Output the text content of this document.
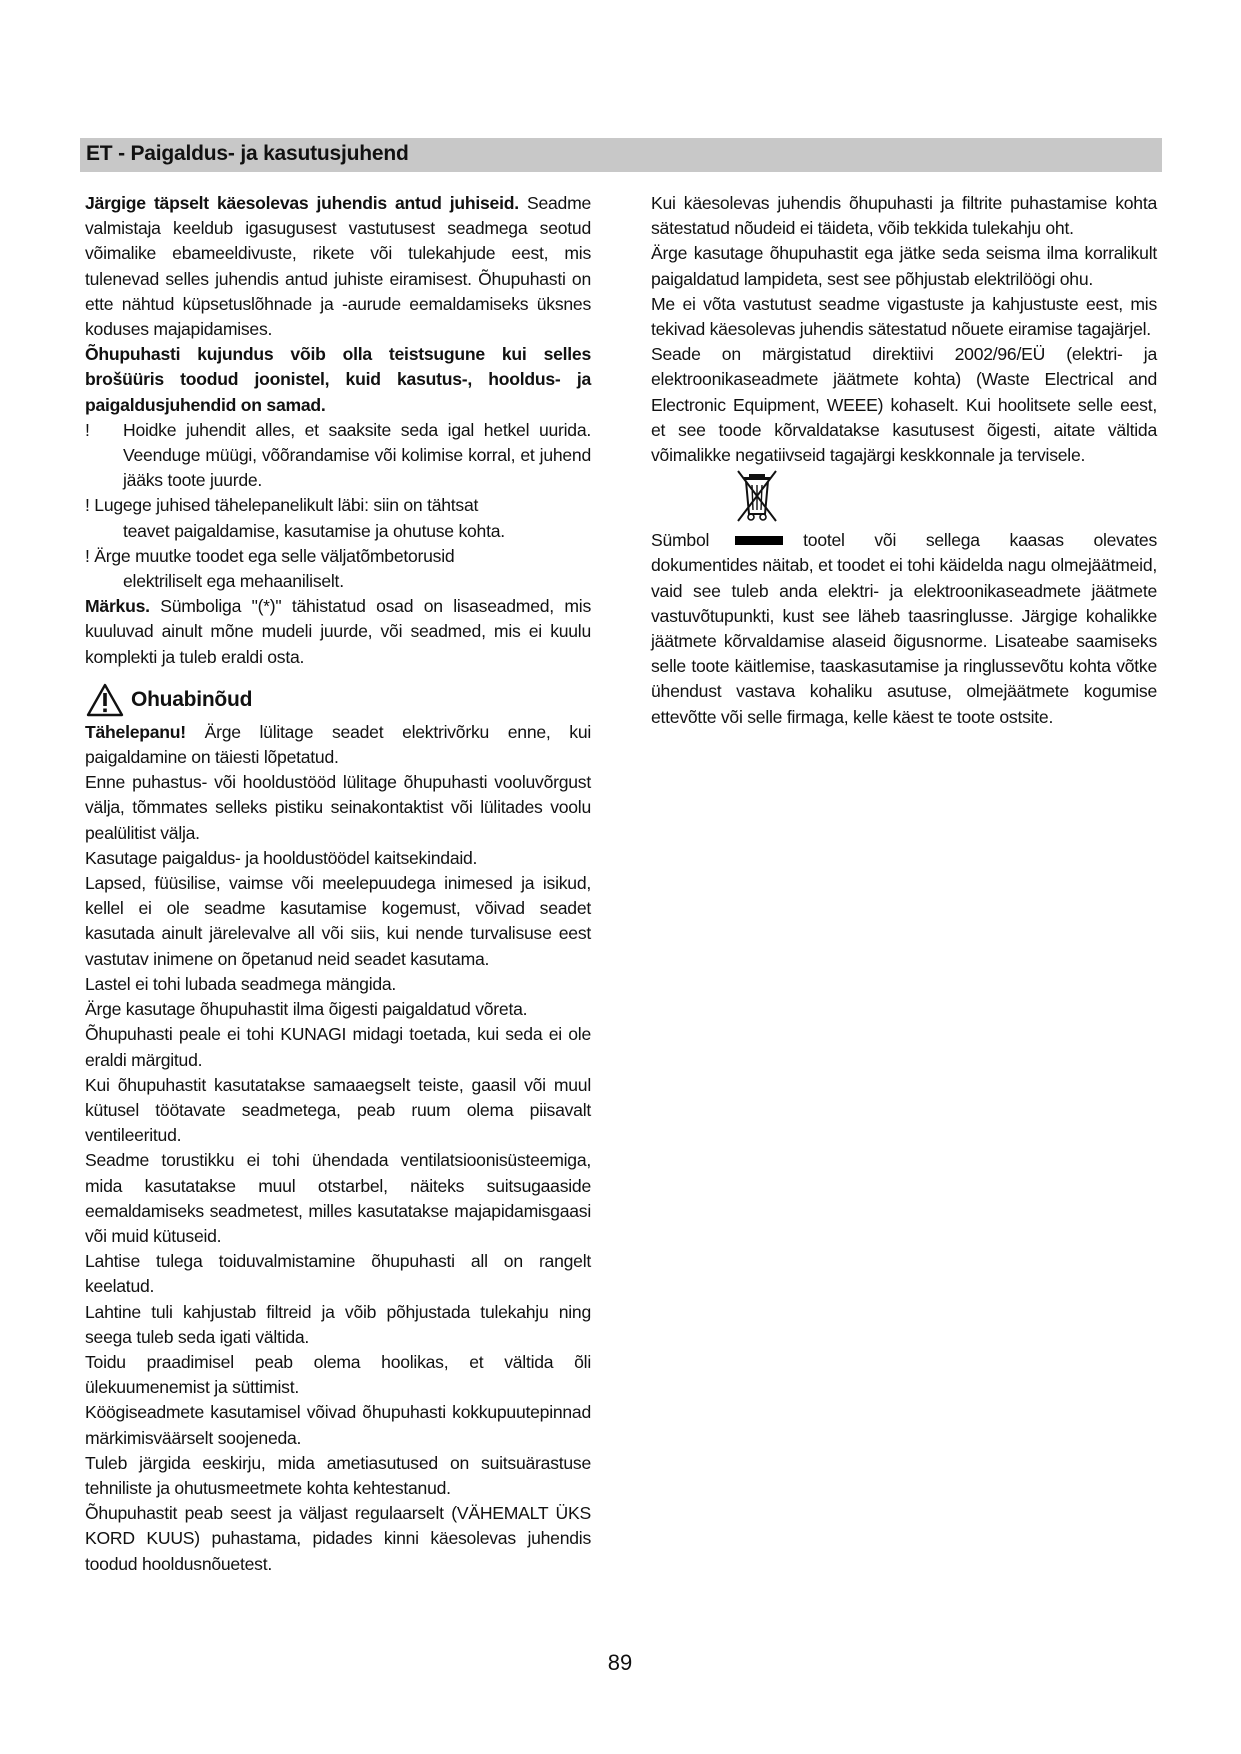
ET - Paigaldus- ja kasutusjuhend

Järgige täpselt käesolevas juhendis antud juhiseid. Seadme valmistaja keeldub igasugusest vastutusest seadmega seotud võimalike ebameeldivuste, rikete või tulekahjude eest, mis tulenevad selles juhendis antud juhiste eiramisest. Õhupuhasti on ette nähtud küpsetuslõhnade ja -aurude eemaldamiseks üksnes koduses majapidamises.

Õhupuhasti kujundus võib olla teistsugune kui selles brošüüris toodud joonistel, kuid kasutus-, hooldus- ja paigaldusjuhendid on samad.

!	Hoidke juhendit alles, et saaksite seda igal hetkel uurida. Veenduge müügi, võõrandamise või kolimise korral, et juhend jääks toote juurde.

! Lugege juhised tähelepanelikult läbi: siin on tähtsat

teavet paigaldamise, kasutamise ja ohutuse kohta.

! Ärge muutke toodet ega selle väljatõmbetorusid

elektriliselt ega mehaaniliselt.

Märkus. Sümboliga "(*)" tähistatud osad on lisaseadmed, mis kuuluvad ainult mõne mudeli juurde, või seadmed, mis ei kuulu komplekti ja tuleb eraldi osta.

Ohuabinõud

Tähelepanu! Ärge lülitage seadet elektrivõrku enne, kui paigaldamine on täiesti lõpetatud.

Enne puhastus- või hooldustööd lülitage õhupuhasti vooluvõrgust välja, tõmmates selleks pistiku seinakontaktist või lülitades voolu pealülitist välja.

Kasutage paigaldus- ja hooldustöödel kaitsekindaid.

Lapsed, füüsilise, vaimse või meelepuudega inimesed ja isikud, kellel ei ole seadme kasutamise kogemust, võivad seadet kasutada ainult järelevalve all või siis, kui nende turvalisuse eest vastutav inimene on õpetanud neid seadet kasutama.

Lastel ei tohi lubada seadmega mängida.

Ärge kasutage õhupuhastit ilma õigesti paigaldatud võreta.

Õhupuhasti peale ei tohi KUNAGI midagi toetada, kui seda ei ole eraldi märgitud.

Kui õhupuhastit kasutatakse samaaegselt teiste, gaasil või muul kütusel töötavate seadmetega, peab ruum olema piisavalt ventileeritud.

Seadme torustikku ei tohi ühendada ventilatsioonisüsteemiga, mida kasutatakse muul otstarbel, näiteks suitsugaaside eemaldamiseks seadmetest, milles kasutatakse majapidamisgaasi või muid kütuseid.

Lahtise tulega toiduvalmistamine õhupuhasti all on rangelt keelatud.

Lahtine tuli kahjustab filtreid ja võib põhjustada tulekahju ning seega tuleb seda igati vältida.

Toidu praadimisel peab olema hoolikas, et vältida õli ülekuumenemist ja süttimist.

Köögiseadmete kasutamisel võivad õhupuhasti kokkupuutepinnad märkimisväärselt soojeneda.

Tuleb järgida eeskirju, mida ametiasutused on suitsuärastuse tehniliste ja ohutusmeetmete kohta kehtestanud.

Õhupuhastit peab seest ja väljast regulaarselt (VÄHEMALT ÜKS KORD KUUS) puhastama, pidades kinni käesolevas juhendis toodud hooldusnõuetest.

Kui käesolevas juhendis õhupuhasti ja filtrite puhastamise kohta sätestatud nõudeid ei täideta, võib tekkida tulekahju oht.

Ärge kasutage õhupuhastit ega jätke seda seisma ilma korralikult paigaldatud lampideta, sest see põhjustab elektrilöögi ohu.

Me ei võta vastutust seadme vigastuste ja kahjustuste eest, mis tekivad käesolevas juhendis sätestatud nõuete eiramise tagajärjel.

Seade on märgistatud direktiivi 2002/96/EÜ (elektri- ja elektroonikaseadmete jäätmete kohta) (Waste Electrical and Electronic Equipment, WEEE) kohaselt. Kui hoolitsete selle eest, et see toode kõrvaldatakse kasutusest õigesti, aitate vältida võimalikke negatiivseid tagajärgi keskkonnale ja tervisele.

Sümbol	tootel või sellega kaasas olevates

dokumentides näitab, et toodet ei tohi käidelda nagu olmejäätmeid, vaid see tuleb anda elektri- ja elektroonikaseadmete jäätmete vastuvõtupunkti, kust see läheb taasringlusse. Järgige kohalikke jäätmete kõrvaldamise alaseid õigusnorme. Lisateabe saamiseks selle toote käitlemise, taaskasutamise ja ringlussevõtu kohta võtke ühendust vastava kohaliku asutuse, olmejäätmete kogumise ettevõtte või selle firmaga, kelle käest te toote ostsite.

89
